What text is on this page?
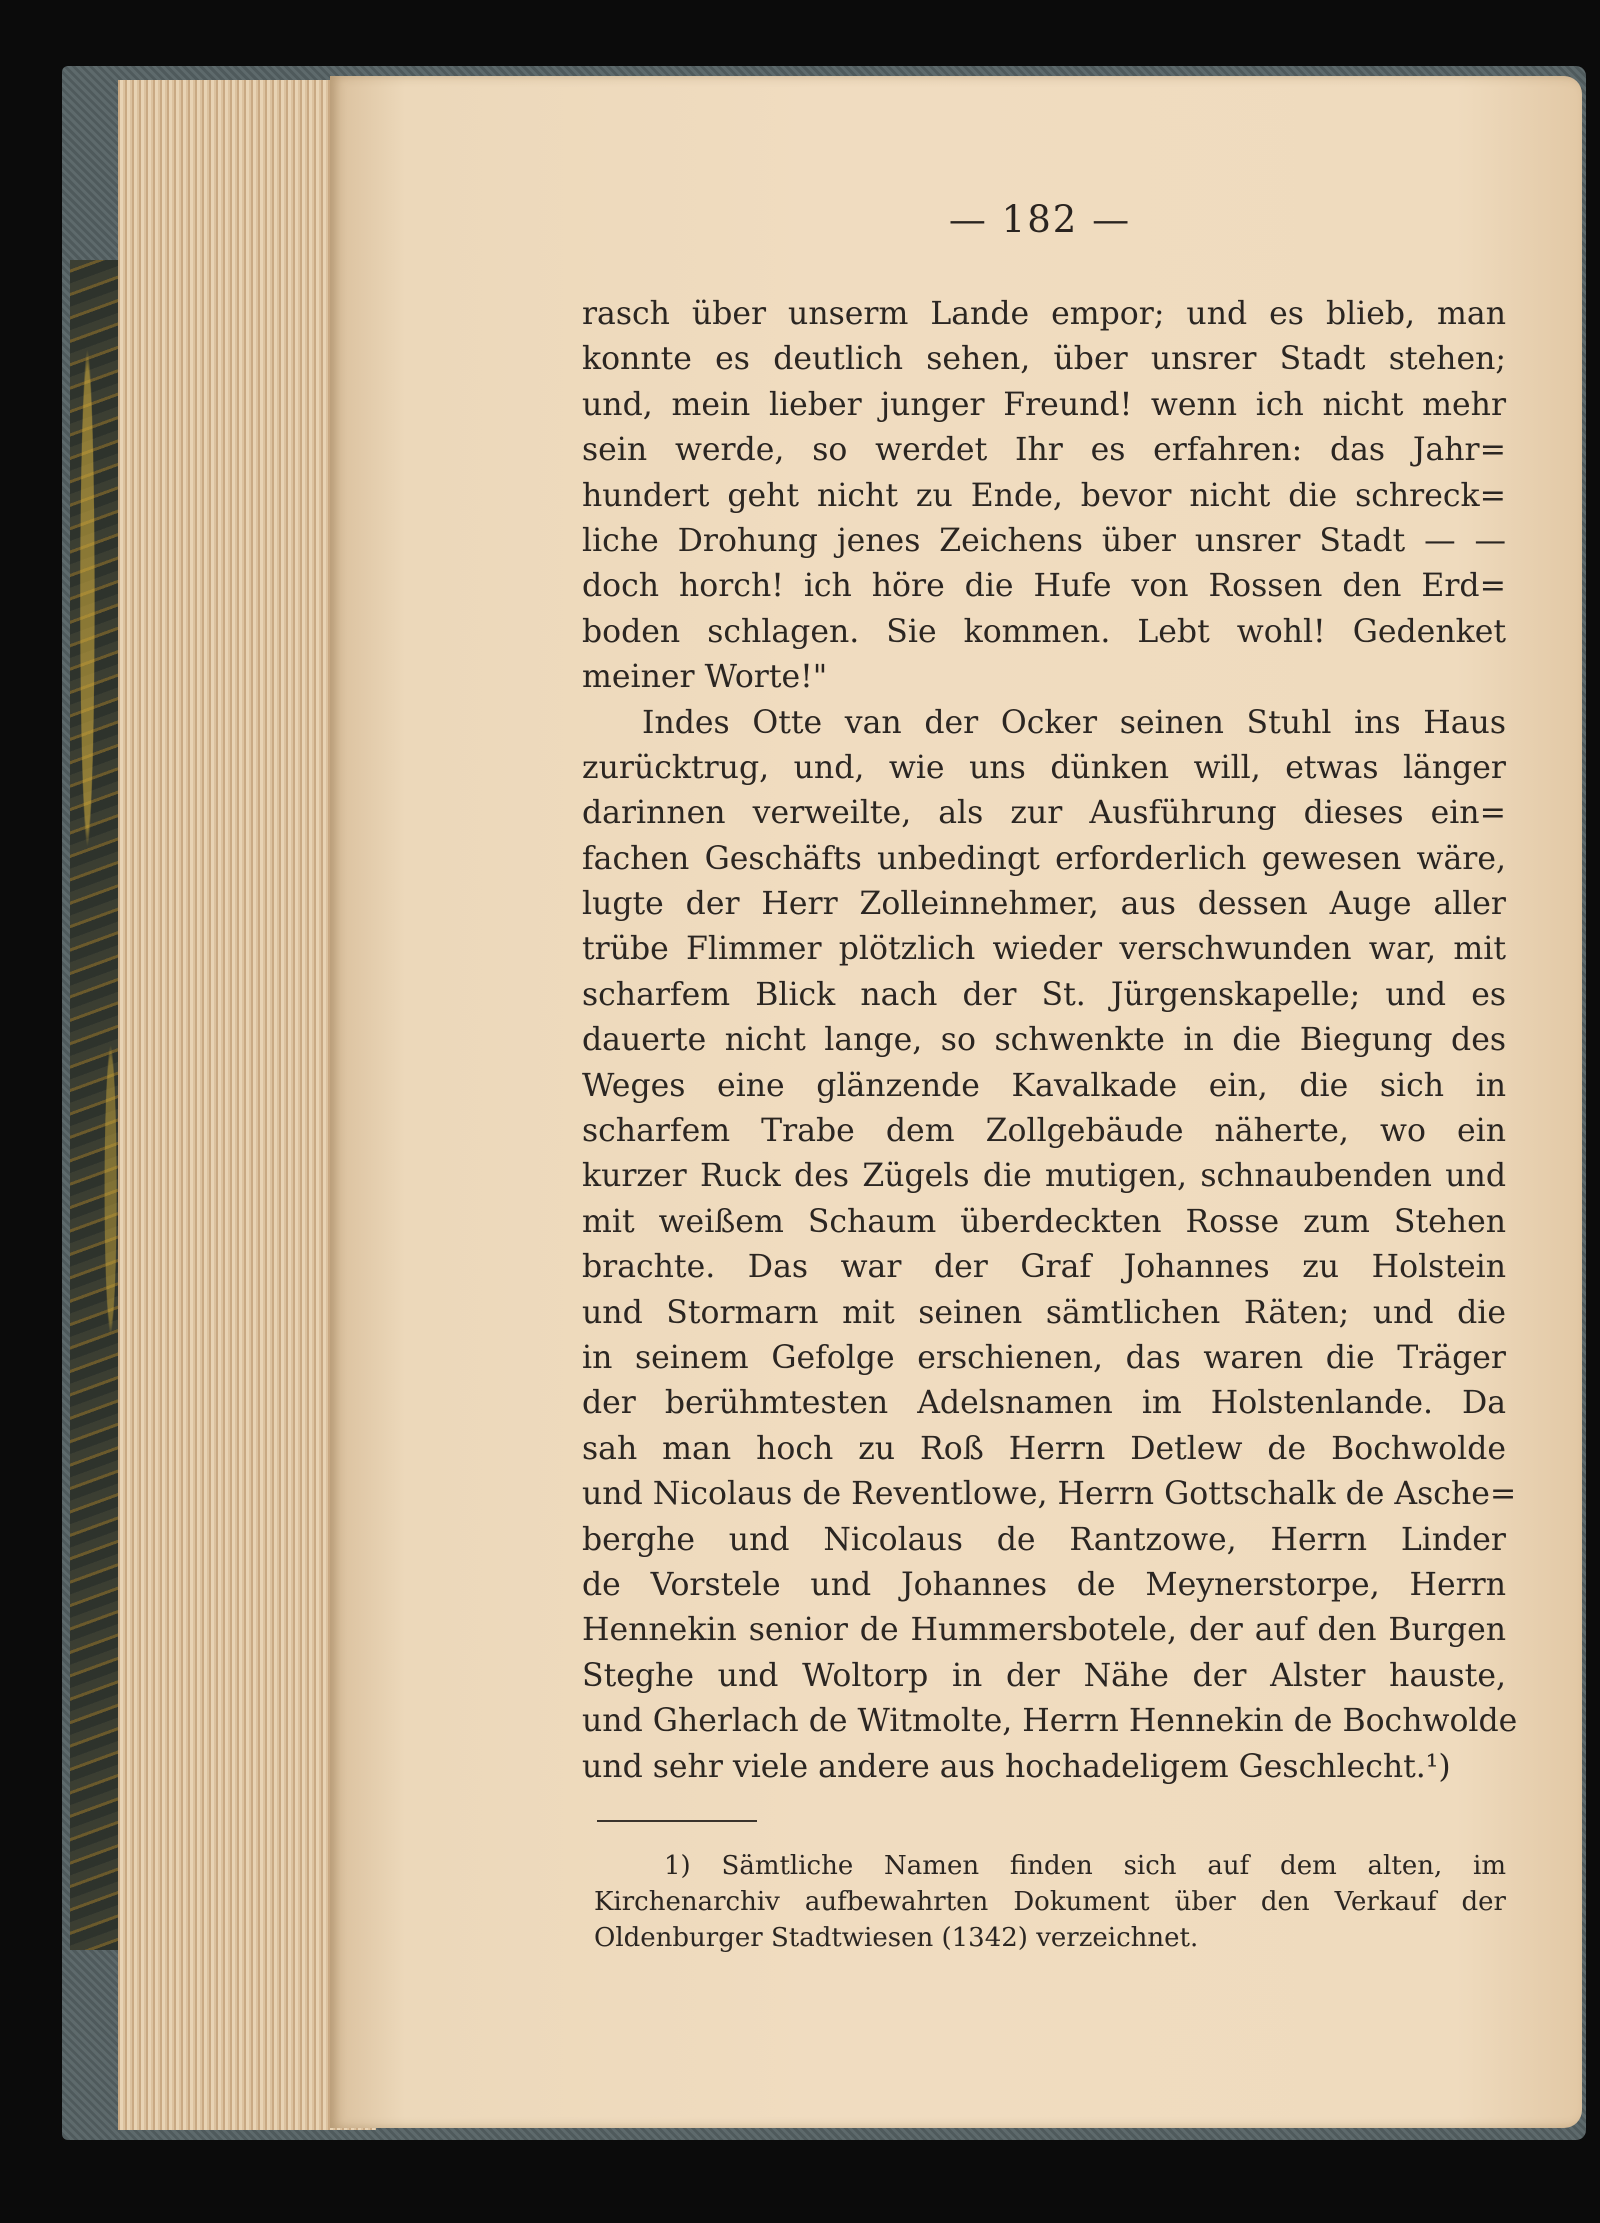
— 182 —
rasch über unserm Lande empor; und es blieb, man
konnte es deutlich sehen, über unsrer Stadt stehen;
und, mein lieber junger Freund! wenn ich nicht mehr
sein werde, so werdet Ihr es erfahren: das Jahr=
hundert geht nicht zu Ende, bevor nicht die schreck=
liche Drohung jenes Zeichens über unsrer Stadt — —
doch horch! ich höre die Hufe von Rossen den Erd=
boden schlagen. Sie kommen. Lebt wohl! Gedenket
meiner Worte!"
Indes Otte van der Ocker seinen Stuhl ins Haus
zurücktrug, und, wie uns dünken will, etwas länger
darinnen verweilte, als zur Ausführung dieses ein=
fachen Geschäfts unbedingt erforderlich gewesen wäre,
lugte der Herr Zolleinnehmer, aus dessen Auge aller
trübe Flimmer plötzlich wieder verschwunden war, mit
scharfem Blick nach der St. Jürgenskapelle; und es
dauerte nicht lange, so schwenkte in die Biegung des
Weges eine glänzende Kavalkade ein, die sich in
scharfem Trabe dem Zollgebäude näherte, wo ein
kurzer Ruck des Zügels die mutigen, schnaubenden und
mit weißem Schaum überdeckten Rosse zum Stehen
brachte. Das war der Graf Johannes zu Holstein
und Stormarn mit seinen sämtlichen Räten; und die
in seinem Gefolge erschienen, das waren die Träger
der berühmtesten Adelsnamen im Holstenlande. Da
sah man hoch zu Roß Herrn Detlew de Bochwolde
und Nicolaus de Reventlowe, Herrn Gottschalk de Asche=
berghe und Nicolaus de Rantzowe, Herrn Linder
de Vorstele und Johannes de Meynerstorpe, Herrn
Hennekin senior de Hummersbotele, der auf den Burgen
Steghe und Woltorp in der Nähe der Alster hauste,
und Gherlach de Witmolte, Herrn Hennekin de Bochwolde
und sehr viele andere aus hochadeligem Geschlecht.¹)
1) Sämtliche Namen finden sich auf dem alten, im
Kirchenarchiv aufbewahrten Dokument über den Verkauf der
Oldenburger Stadtwiesen (1342) verzeichnet.
